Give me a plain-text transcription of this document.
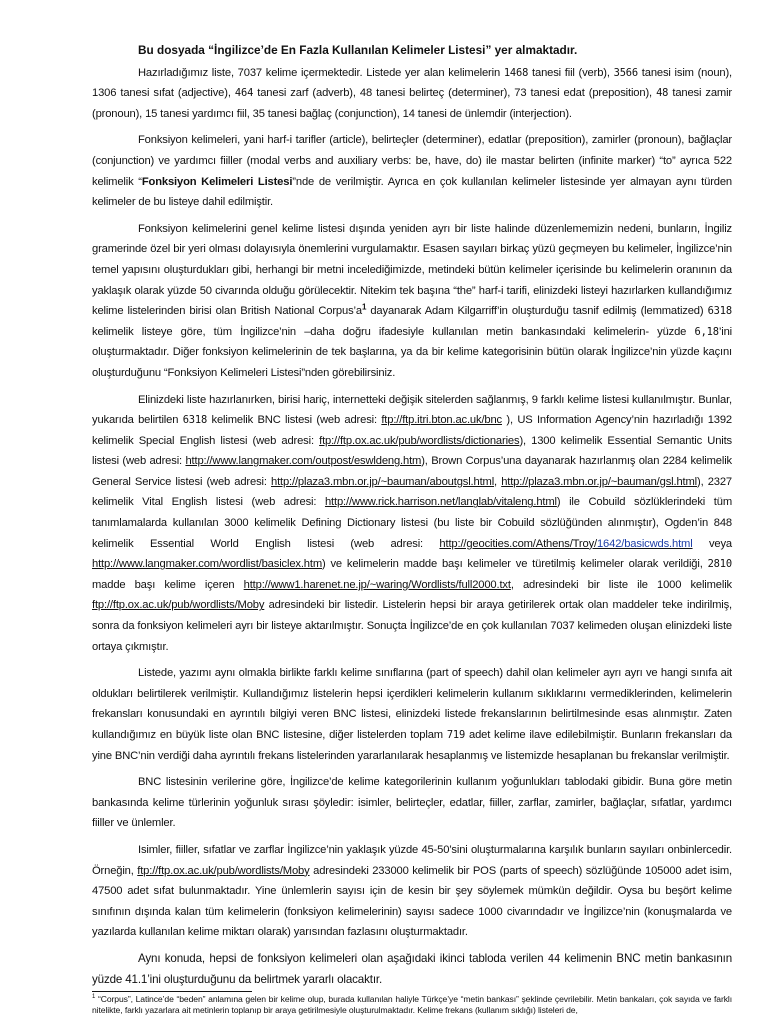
Bu dosyada “İngilizce’de En Fazla Kullanılan Kelimeler Listesi” yer almaktadır.

Hazırladığımız liste, 7037 kelime içermektedir. Listede yer alan kelimelerin 1468 tanesi fiil (verb), 3566 tanesi isim (noun), 1306 tanesi sıfat (adjective), 464 tanesi zarf (adverb), 48 tanesi belirteç (determiner), 73 tanesi edat (preposition), 48 tanesi zamir (pronoun), 15 tanesi yardımcı fiil, 35 tanesi bağlaç (conjunction), 14 tanesi de ünlemdir (interjection).

Fonksiyon kelimeleri, yani harf-i tarifler (article), belirteçler (determiner), edatlar (preposition), zamirler (pronoun), bağlaçlar (conjunction) ve yardımcı fiiller (modal verbs and auxiliary verbs: be, have, do) ile mastar belirten (infinite marker) “to” ayrıca 522 kelimelik “Fonksiyon Kelimeleri Listesi”nde de verilmiştir. Ayrıca en çok kullanılan kelimeler listesinde yer almayan aynı türden kelimeler de bu listeye dahil edilmiştir.

Fonksiyon kelimelerini genel kelime listesi dışında yeniden ayrı bir liste halinde düzenlememizin nedeni, bunların, İngiliz gramerinde özel bir yeri olması dolayısıyla önemlerini vurgulamaktır. Esasen sayıları birkaç yüzü geçmeyen bu kelimeler, İngilizce’nin temel yapısını oluşturdukları gibi, herhangi bir metni incelediğimizde, metindeki bütün kelimeler içerisinde bu kelimelerin oranının da yaklaşık olarak yüzde 50 civarında olduğu görülecektir. Nitekim tek başına “the” harf-i tarifi, elinizdeki listeyi hazırlarken kullandığımız kelime listelerinden birisi olan British National $Corpus’a^1$ dayanarak Adam Kilgarriff’in oluşturduğu tasnif edilmiş (lemmatized) 6318 kelimelik listeye göre, tüm İngilizce’nin –daha doğru ifadesiyle kullanılan metin bankasındaki kelimelerin- yüzde 6,18’ini oluşturmaktadır. Diğer fonksiyon kelimelerinin de tek başlarına, ya da bir kelime kategorisinin bütün olarak İngilizce’nin yüzde kaçını oluşturduğunu “Fonksiyon Kelimeleri Listesi”nden görebilirsiniz.

Elinizdeki liste hazırlanırken, birisi hariç, internetteki değişik sitelerden sağlanmış, 9 farklı kelime listesi kullanılmıştır. Bunlar, yukarıda belirtilen 6318 kelimelik BNC listesi (web adresi: ftp://ftp.itri.bton.ac.uk/bnc ), US Information Agency’nin hazırladığı 1392 kelimelik Special English listesi (web adresi: ftp://ftp.ox.ac.uk/pub/wordlists/dictionaries), 1300 kelimelik Essential Semantic Units listesi (web adresi: http://www.langmaker.com/outpost/eswldeng.htm), Brown Corpus’una dayanarak hazırlanmış olan 2284 kelimelik General Service listesi (web adresi: http://plaza3.mbn.or.jp/~bauman/aboutgsl.html, http://plaza3.mbn.or.jp/~bauman/gsl.html), 2327 kelimelik Vital English listesi (web adresi: http://www.rick.harrison.net/langlab/vitaleng.html) ile Cobuild sözlüklerindeki tüm tanımlamalarda kullanılan 3000 kelimelik Defining Dictionary listesi (bu liste bir Cobuild sözlüğünden alınmıştır), Ogden’in 848 kelimelik Essential World English listesi (web adresi: http://geocities.com/Athens/Troy/1642/basicwds.html veya http://www.langmaker.com/wordlist/basiclex.htm) ve kelimelerin madde başı kelimeler ve türetilmiş kelimeler olarak verildiği, 2810 madde başı kelime içeren http://www1.harenet.ne.jp/~waring/Wordlists/full2000.txt, adresindeki bir liste ile 1000 kelimelik ftp://ftp.ox.ac.uk/pub/wordlists/Moby adresindeki bir listedir. Listelerin hepsi bir araya getirilerek ortak olan maddeler teke indirilmiş, sonra da fonksiyon kelimeleri ayrı bir listeye aktarılmıştır. Sonuçta İngilizce’de en çok kullanılan 7037 kelimeden oluşan elinizdeki liste ortaya çıkmıştır.

Listede, yazımı aynı olmakla birlikte farklı kelime sınıflarına (part of speech) dahil olan kelimeler ayrı ayrı ve hangi sınıfa ait oldukları belirtilerek verilmiştir. Kullandığımız listelerin hepsi içerdikleri kelimelerin kullanım sıklıklarını vermediklerinden, kelimelerin frekansları konusundaki en ayrıntılı bilgiyi veren BNC listesi, elinizdeki listede frekanslarının belirtilmesinde esas alınmıştır. Zaten kullandığımız en büyük liste olan BNC listesine, diğer listelerden toplam 719 adet kelime ilave edilebilmiştir. Bunların frekansları da yine BNC’nin verdiği daha ayrıntılı frekans listelerinden yararlanılarak hesaplanmış ve listemizde hesaplanan bu frekanslar verilmiştir.

BNC listesinin verilerine göre, İngilizce’de kelime kategorilerinin kullanım yoğunlukları tablodaki gibidir. Buna göre metin bankasında kelime türlerinin yoğunluk sırası şöyledir: isimler, belirteçler, edatlar, fiiller, zarflar, zamirler, bağlaçlar, sıfatlar, yardımcı fiiller ve ünlemler.

Isimler, fiiller, sıfatlar ve zarflar İngilizce’nin yaklaşık yüzde 45-50’sini oluşturmalarına karşılık bunların sayıları onbinlercedir. Örneğin, ftp://ftp.ox.ac.uk/pub/wordlists/Moby adresindeki 233000 kelimelik bir POS (parts of speech) sözlüğünde 105000 adet isim, 47500 adet sıfat bulunmaktadır. Yine ünlemlerin sayısı için de kesin bir şey söylemek mümkün değildir. Oysa bu beşört kelime sınıfının dışında kalan tüm kelimelerin (fonksiyon kelimelerinin) sayısı sadece 1000 civarındadır ve İngilizce’nin (konuşmalarda ve yazılarda kullanılan kelime miktarı olarak) yarısından fazlasını oluşturmaktadır.

Aynı konuda, hepsi de fonksiyon kelimeleri olan aşağıdaki ikinci tabloda verilen 44 kelimenin BNC metin bankasının yüzde 41.1’ini oluşturduğunu da belirtmek yararlı olacaktır.

$^1$ “Corpus”, Latince’de “beden” anlamına gelen bir kelime olup, burada kullanılan haliyle Türkçe’ye “metin bankası” şeklinde çevrilebilir. Metin bankaları, çok sayıda ve farklı nitelikte, farklı yazarlara ait metinlerin toplanıp bir araya getirilmesiyle oluşturulmaktadır. Kelime frekans (kullanım sıklığı) listeleri de,
